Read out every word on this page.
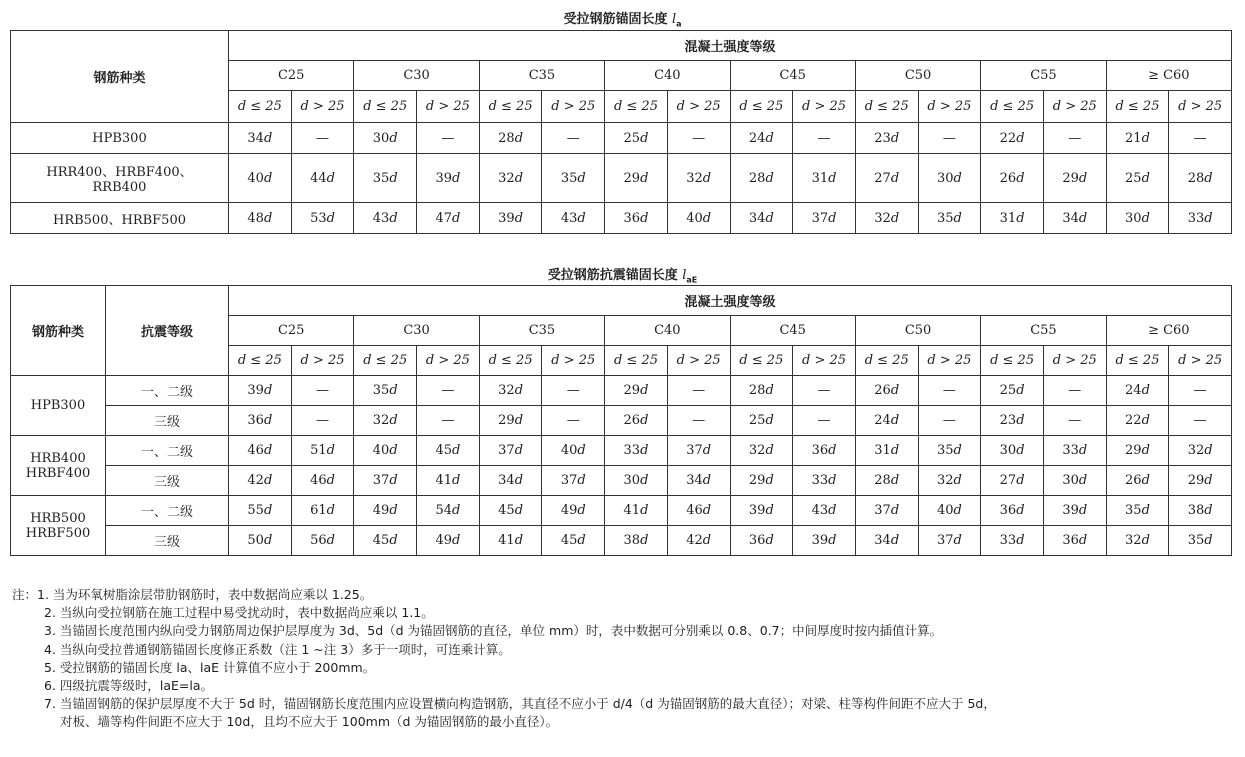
受拉钢筋锚固长度 $l_a$
钢筋种类	混凝土强度等级															
	C25		C30		C35		C40		C45		C50		C55		≥ C60	
	d ≤ 25	d > 25	d ≤ 25	d > 25	d ≤ 25	d > 25	d ≤ 25	d > 25	d ≤ 25	d > 25	d ≤ 25	d > 25	d ≤ 25	d > 25	d ≤ 25	d > 25
HPB300	34d	—	30d	—	28d	—	25d	—	24d	—	23d	—	22d	—	21d	—

HRR400、HRBF400、
RRB400	40d	44d	35d	39d	32d	35d	29d	32d	28d	31d	27d	30d	26d	29d	25d	28d
HRB500、HRBF500	48d	53d	43d	47d	39d	43d	36d	40d	34d	37d	32d	35d	31d	34d	30d	33d
受拉钢筋抗震锚固长度 $l_{aE}$
钢筋种类	抗震等级	混凝土强度等级															
		C25		C30		C35		C40		C45		C50		C55		≥ C60	
		d ≤ 25	d > 25	d ≤ 25	d > 25	d ≤ 25	d > 25	d ≤ 25	d > 25	d ≤ 25	d > 25	d ≤ 25	d > 25	d ≤ 25	d > 25	d ≤ 25	d > 25

HPB300	一、二级	39d	—	35d	—	32d	—	29d	—	28d	—	26d	—	25d	—	24d	—
	三级	36d	—	32d	—	29d	—	26d	—	25d	—	24d	—	23d	—	22d	—

HRB400
HRBF400	一、二级	46d	51d	40d	45d	37d	40d	33d	37d	32d	36d	31d	35d	30d	33d	29d	32d
	三级	42d	46d	37d	41d	34d	37d	30d	34d	29d	33d	28d	32d	27d	30d	26d	29d

HRB500
HRBF500	一、二级	55d	61d	49d	54d	45d	49d	41d	46d	39d	43d	37d	40d	36d	39d	35d	38d
	三级	50d	56d	45d	49d	41d	45d	38d	42d	36d	39d	34d	37d	33d	36d	32d	35d
注：1. 当为环氧树脂涂层带肋钢筋时，表中数据尚应乘以 1.25。
2. 当纵向受拉钢筋在施工过程中易受扰动时，表中数据尚应乘以 1.1。
3. 当锚固长度范围内纵向受力钢筋周边保护层厚度为 3d、5d（d 为锚固钢筋的直径，单位 mm）时，表中数据可分别乘以 0.8、0.7；中间厚度时按内插值计算。
4. 当纵向受拉普通钢筋锚固长度修正系数（注 1 ~注 3）多于一项时，可连乘计算。
5. 受拉钢筋的锚固长度 la、laE 计算值不应小于 200mm。
6. 四级抗震等级时，laE=la。
7. 当锚固钢筋的保护层厚度不大于 5d 时，锚固钢筋长度范围内应设置横向构造钢筋，其直径不应小于 d/4（d 为锚固钢筋的最大直径）；对梁、柱等构件间距不应大于 5d，
对板、墙等构件间距不应大于 10d，且均不应大于 100mm（d 为锚固钢筋的最小直径）。
